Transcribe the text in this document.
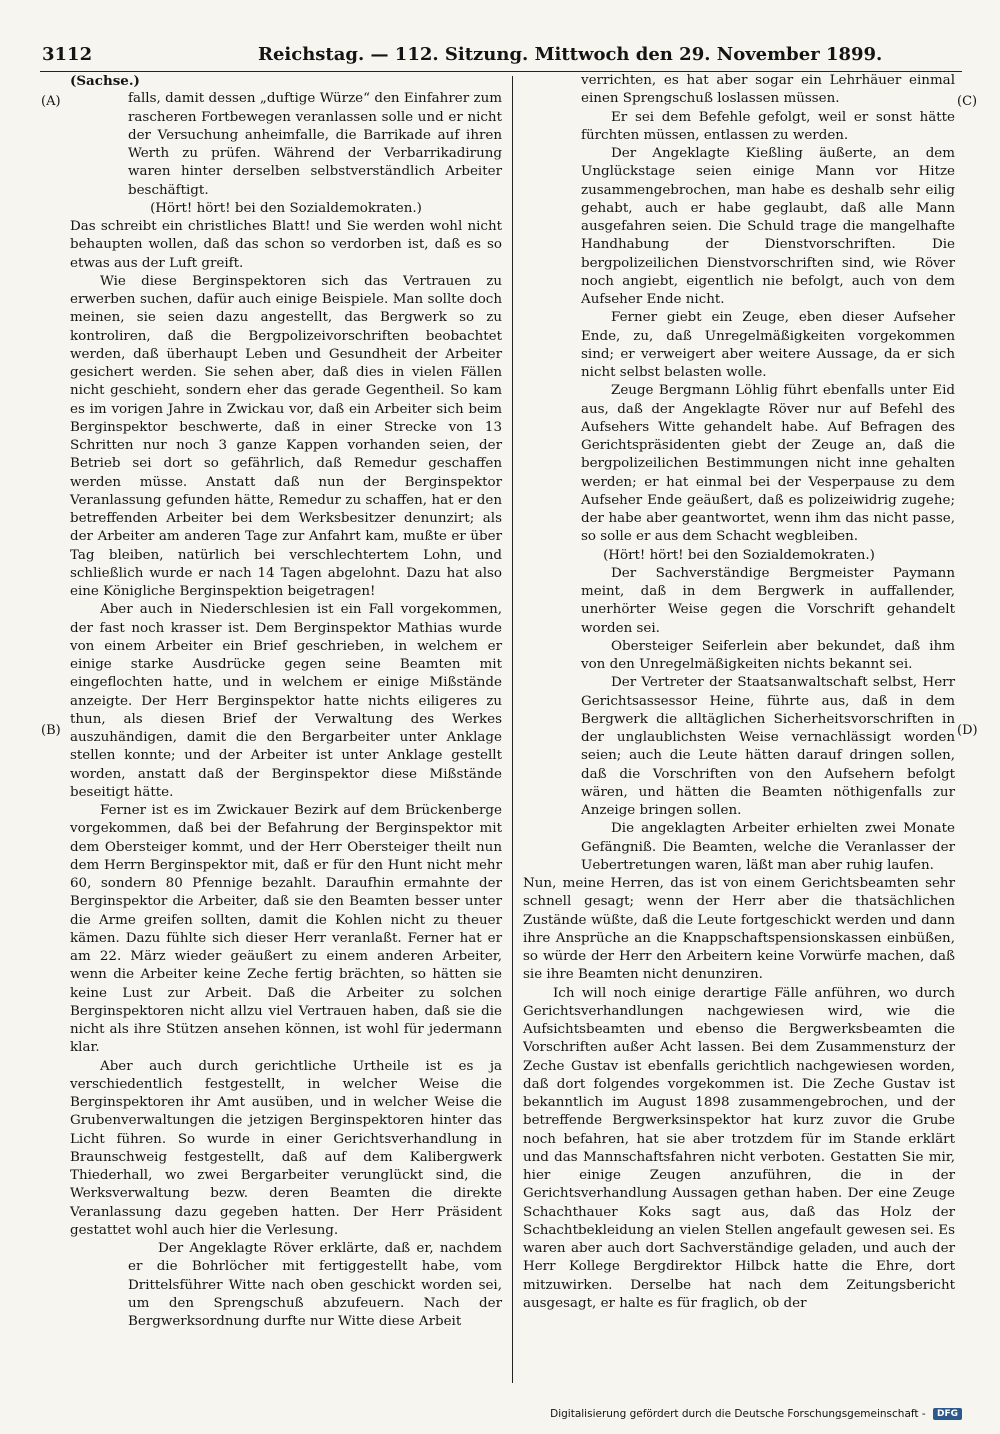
3112	Reichstag. — 112. Sitzung. Mittwoch den 29. November 1899.
(A)
(B)
(C)
(D)

(Sachse.)

falls, damit dessen „duftige Würze“ den Einfahrer zum rascheren Fortbewegen veranlassen solle und er nicht der Versuchung anheimfalle, die Barrikade auf ihren Werth zu prüfen. Während der Verbarrikadirung waren hinter derselben selbstverständlich Arbeiter beschäftigt.

(Hört! hört! bei den Sozialdemokraten.)

Das schreibt ein christliches Blatt! und Sie werden wohl nicht behaupten wollen, daß das schon so verdorben ist, daß es so etwas aus der Luft greift.

Wie diese Berginspektoren sich das Vertrauen zu erwerben suchen, dafür auch einige Beispiele. Man sollte doch meinen, sie seien dazu angestellt, das Bergwerk so zu kontroliren, daß die Bergpolizeivorschriften beobachtet werden, daß überhaupt Leben und Gesundheit der Arbeiter gesichert werden. Sie sehen aber, daß dies in vielen Fällen nicht geschieht, sondern eher das gerade Gegentheil. So kam es im vorigen Jahre in Zwickau vor, daß ein Arbeiter sich beim Berginspektor beschwerte, daß in einer Strecke von 13 Schritten nur noch 3 ganze Kappen vorhanden seien, der Betrieb sei dort so gefährlich, daß Remedur geschaffen werden müsse. Anstatt daß nun der Berginspektor Veranlassung gefunden hätte, Remedur zu schaffen, hat er den betreffenden Arbeiter bei dem Werksbesitzer denunzirt; als der Arbeiter am anderen Tage zur Anfahrt kam, mußte er über Tag bleiben, natürlich bei verschlechtertem Lohn, und schließlich wurde er nach 14 Tagen abgelohnt. Dazu hat also eine Königliche Berginspektion beigetragen!

Aber auch in Niederschlesien ist ein Fall vorgekommen, der fast noch krasser ist. Dem Berginspektor Mathias wurde von einem Arbeiter ein Brief geschrieben, in welchem er einige starke Ausdrücke gegen seine Beamten mit eingeflochten hatte, und in welchem er einige Mißstände anzeigte. Der Herr Berginspektor hatte nichts eiligeres zu thun, als diesen Brief der Verwaltung des Werkes auszuhändigen, damit die den Bergarbeiter unter Anklage stellen konnte; und der Arbeiter ist unter Anklage gestellt worden, anstatt daß der Berginspektor diese Mißstände beseitigt hätte.

Ferner ist es im Zwickauer Bezirk auf dem Brückenberge vorgekommen, daß bei der Befahrung der Berginspektor mit dem Obersteiger kommt, und der Herr Obersteiger theilt nun dem Herrn Berginspektor mit, daß er für den Hunt nicht mehr 60, sondern 80 Pfennige bezahlt. Daraufhin ermahnte der Berginspektor die Arbeiter, daß sie den Beamten besser unter die Arme greifen sollten, damit die Kohlen nicht zu theuer kämen. Dazu fühlte sich dieser Herr veranlaßt. Ferner hat er am 22. März wieder geäußert zu einem anderen Arbeiter, wenn die Arbeiter keine Zeche fertig brächten, so hätten sie keine Lust zur Arbeit. Daß die Arbeiter zu solchen Berginspektoren nicht allzu viel Vertrauen haben, daß sie die nicht als ihre Stützen ansehen können, ist wohl für jedermann klar.

Aber auch durch gerichtliche Urtheile ist es ja verschiedentlich festgestellt, in welcher Weise die Berginspektoren ihr Amt ausüben, und in welcher Weise die Grubenverwaltungen die jetzigen Berginspektoren hinter das Licht führen. So wurde in einer Gerichtsverhandlung in Braunschweig festgestellt, daß auf dem Kalibergwerk Thiederhall, wo zwei Bergarbeiter verunglückt sind, die Werksverwaltung bezw. deren Beamten die direkte Veranlassung dazu gegeben hatten. Der Herr Präsident gestattet wohl auch hier die Verlesung.

Der Angeklagte Röver erklärte, daß er, nachdem er die Bohrlöcher mit fertiggestellt habe, vom Drittelsführer Witte nach oben geschickt worden sei, um den Sprengschuß abzufeuern. Nach der Bergwerksordnung durfte nur Witte diese Arbeit

verrichten, es hat aber sogar ein Lehrhäuer einmal einen Sprengschuß loslassen müssen.

Er sei dem Befehle gefolgt, weil er sonst hätte fürchten müssen, entlassen zu werden.

Der Angeklagte Kießling äußerte, an dem Unglückstage seien einige Mann vor Hitze zusammengebrochen, man habe es deshalb sehr eilig gehabt, auch er habe geglaubt, daß alle Mann ausgefahren seien. Die Schuld trage die mangelhafte Handhabung der Dienstvorschriften. Die bergpolizeilichen Dienstvorschriften sind, wie Röver noch angiebt, eigentlich nie befolgt, auch von dem Aufseher Ende nicht.

Ferner giebt ein Zeuge, eben dieser Aufseher Ende, zu, daß Unregelmäßigkeiten vorgekommen sind; er verweigert aber weitere Aussage, da er sich nicht selbst belasten wolle.

Zeuge Bergmann Löhlig führt ebenfalls unter Eid aus, daß der Angeklagte Röver nur auf Befehl des Aufsehers Witte gehandelt habe. Auf Befragen des Gerichtspräsidenten giebt der Zeuge an, daß die bergpolizeilichen Bestimmungen nicht inne gehalten werden; er hat einmal bei der Vesperpause zu dem Aufseher Ende geäußert, daß es polizeiwidrig zugehe; der habe aber geantwortet, wenn ihm das nicht passe, so solle er aus dem Schacht wegbleiben.

(Hört! hört! bei den Sozialdemokraten.)

Der Sachverständige Bergmeister Paymann meint, daß in dem Bergwerk in auffallender, unerhörter Weise gegen die Vorschrift gehandelt worden sei.

Obersteiger Seiferlein aber bekundet, daß ihm von den Unregelmäßigkeiten nichts bekannt sei.

Der Vertreter der Staatsanwaltschaft selbst, Herr Gerichtsassessor Heine, führte aus, daß in dem Bergwerk die alltäglichen Sicherheitsvorschriften in der unglaublichsten Weise vernachlässigt worden seien; auch die Leute hätten darauf dringen sollen, daß die Vorschriften von den Aufsehern befolgt wären, und hätten die Beamten nöthigenfalls zur Anzeige bringen sollen.

Die angeklagten Arbeiter erhielten zwei Monate Gefängniß. Die Beamten, welche die Veranlasser der Uebertretungen waren, läßt man aber ruhig laufen.

Nun, meine Herren, das ist von einem Gerichtsbeamten sehr schnell gesagt; wenn der Herr aber die thatsächlichen Zustände wüßte, daß die Leute fortgeschickt werden und dann ihre Ansprüche an die Knappschaftspensionskassen einbüßen, so würde der Herr den Arbeitern keine Vorwürfe machen, daß sie ihre Beamten nicht denunziren.

Ich will noch einige derartige Fälle anführen, wo durch Gerichtsverhandlungen nachgewiesen wird, wie die Aufsichtsbeamten und ebenso die Bergwerksbeamten die Vorschriften außer Acht lassen. Bei dem Zusammensturz der Zeche Gustav ist ebenfalls gerichtlich nachgewiesen worden, daß dort folgendes vorgekommen ist. Die Zeche Gustav ist bekanntlich im August 1898 zusammengebrochen, und der betreffende Bergwerksinspektor hat kurz zuvor die Grube noch befahren, hat sie aber trotzdem für im Stande erklärt und das Mannschaftsfahren nicht verboten. Gestatten Sie mir, hier einige Zeugen anzuführen, die in der Gerichtsverhandlung Aussagen gethan haben. Der eine Zeuge Schachthauer Koks sagt aus, daß das Holz der Schachtbekleidung an vielen Stellen angefault gewesen sei. Es waren aber auch dort Sachverständige geladen, und auch der Herr Kollege Bergdirektor Hilbck hatte die Ehre, dort mitzuwirken. Derselbe hat nach dem Zeitungsbericht ausgesagt, er halte es für fraglich, ob der

Digitalisierung gefördert durch die Deutsche Forschungsgemeinschaft - DFG
